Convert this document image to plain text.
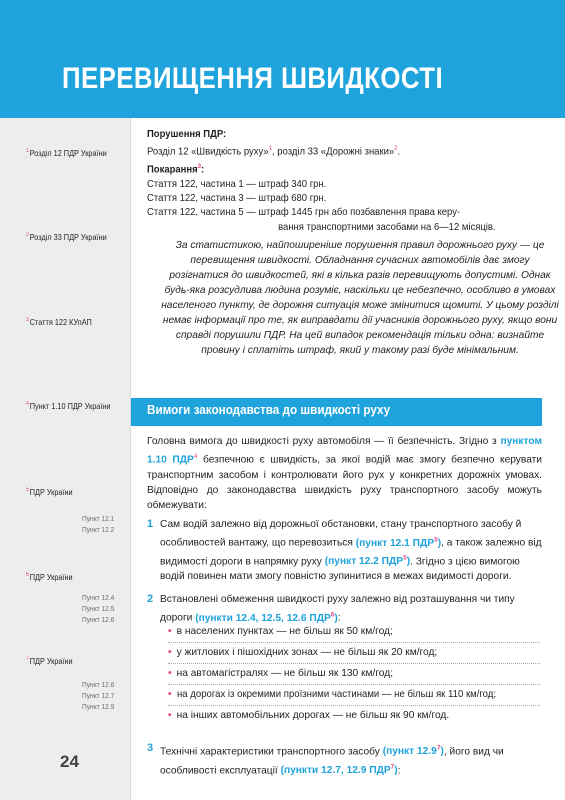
ПЕРЕВИЩЕННЯ ШВИДКОСТІ
$^1$Розділ 12 ПДР України
$^2$Розділ 33 ПДР України
$^3$Стаття 122 КУпАП
$^4$Пункт 1.10 ПДР України
$^5$ПДР України
Пункт 12.1
Пункт 12.2
$^6$ПДР України
Пункт 12.4
Пункт 12.5
Пункт 12.6
$^7$ПДР України
Пункт 12.6
Пункт 12.7
Пункт 12.9
24
Порушення ПДР:
Розділ 12 «Швидкість руху»$^1$, розділ 33 «Дорожні знаки»$^2$.
Покарання$^3$:
Стаття 122, частина 1 — штраф 340 грн.
Стаття 122, частина 3 — штраф 680 грн.
Стаття 122, частина 5 — штраф 1445 грн або позбавлення права керу-
вання транспортними засобами на 6—12 місяців.
За статистикою, найпоширеніше порушення правил дорожнього руху — це перевищення швидкості. Обладнання сучасних автомобілів дає змогу розігнатися до швидкостей, які в кілька разів перевищують допустимі. Однак будь-яка розсудлива людина розуміє, наскільки це небезпечно, особливо в умовах населеного пункту, де дорожня ситуація може змінитися щомиті. У цьому розділі немає інформації про те, як виправдати дії учасників дорожнього руху, якщо вони справді порушили ПДР. На цей випадок рекомендація тільки одна: визнайте провину і сплатіть штраф, який у такому разі буде мінімальним.
Вимоги законодавства до швидкості руху
Головна вимога до швидкості руху автомобіля — її безпечність. Згідно з пунктом 1.10 ПДР$^4$ безпечною є швидкість, за якої водій має змогу безпечно керувати транспортним засобом і контролювати його рух у конкретних дорожніх умовах. Відповідно до законодавства швидкість руху транспортного засобу можуть обмежувати:
1 Сам водій залежно від дорожньої обстановки, стану транспортного засобу й особливостей вантажу, що перевозиться (пункт 12.1 ПДР$^5$), а також залежно від видимості дороги в напрямку руху (пункт 12.2 ПДР$^5$). Згідно з цією вимогою водій повинен мати змогу повністю зупинитися в межах видимості дороги.
2 Встановлені обмеження швидкості руху залежно від розташування чи типу дороги (пункти 12.4, 12.5, 12.6 ПДР$^6$):
• в населених пунктах — не більш як 50 км/год;
• у житлових і пішохідних зонах — не більш як 20 км/год;
• на автомагістралях — не більш як 130 км/год;
• на дорогах із окремими проїзними частинами — не більш як 110 км/год;
• на інших автомобільних дорогах — не більш як 90 км/год.
3 Технічні характеристики транспортного засобу (пункт 12.9$^7$), його вид чи особливості експлуатації (пункти 12.7, 12.9 ПДР$^7$):
